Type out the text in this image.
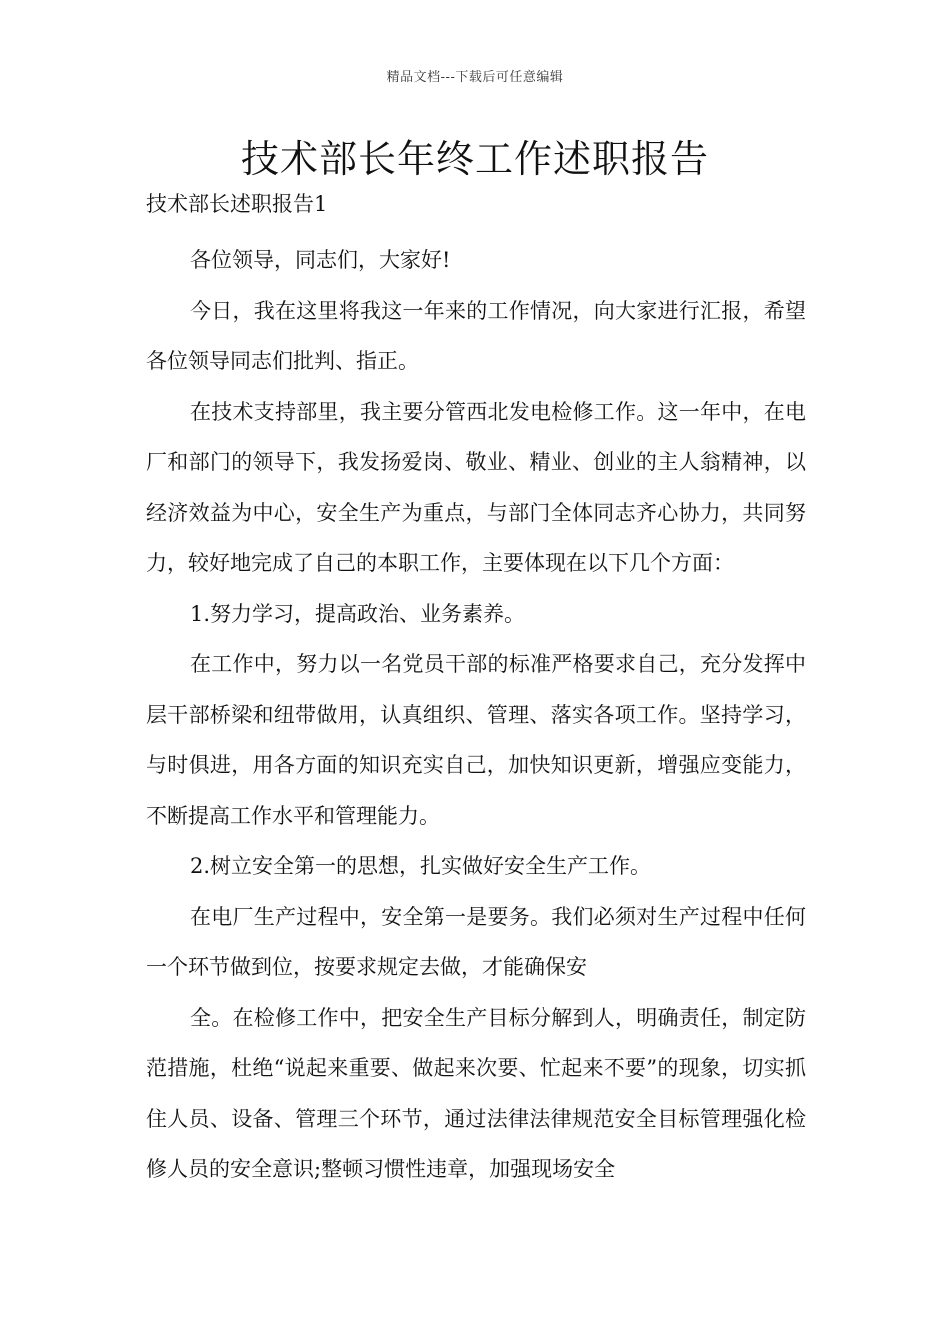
精品文档---下载后可任意编辑
技术部长年终工作述职报告
技术部长述职报告1

各位领导，同志们，大家好!

今日，我在这里将我这一年来的工作情况，向大家进行汇报，希望各位领导同志们批判、指正。

在技术支持部里，我主要分管西北发电检修工作。这一年中，在电厂和部门的领导下，我发扬爱岗、敬业、精业、创业的主人翁精神，以经济效益为中心，安全生产为重点，与部门全体同志齐心协力，共同努力，较好地完成了自己的本职工作，主要体现在以下几个方面：

1.努力学习，提高政治、业务素养。

在工作中，努力以一名党员干部的标准严格要求自己，充分发挥中层干部桥梁和纽带做用，认真组织、管理、落实各项工作。坚持学习，与时俱进，用各方面的知识充实自己，加快知识更新，增强应变能力，不断提高工作水平和管理能力。

2.树立安全第一的思想，扎实做好安全生产工作。

在电厂生产过程中，安全第一是要务。我们必须对生产过程中任何一个环节做到位，按要求规定去做，才能确保安

全。在检修工作中，把安全生产目标分解到人，明确责任，制定防范措施，杜绝“说起来重要、做起来次要、忙起来不要”的现象，切实抓住人员、设备、管理三个环节，通过法律法律规范安全目标管理强化检修人员的安全意识;整顿习惯性违章，加强现场安全
